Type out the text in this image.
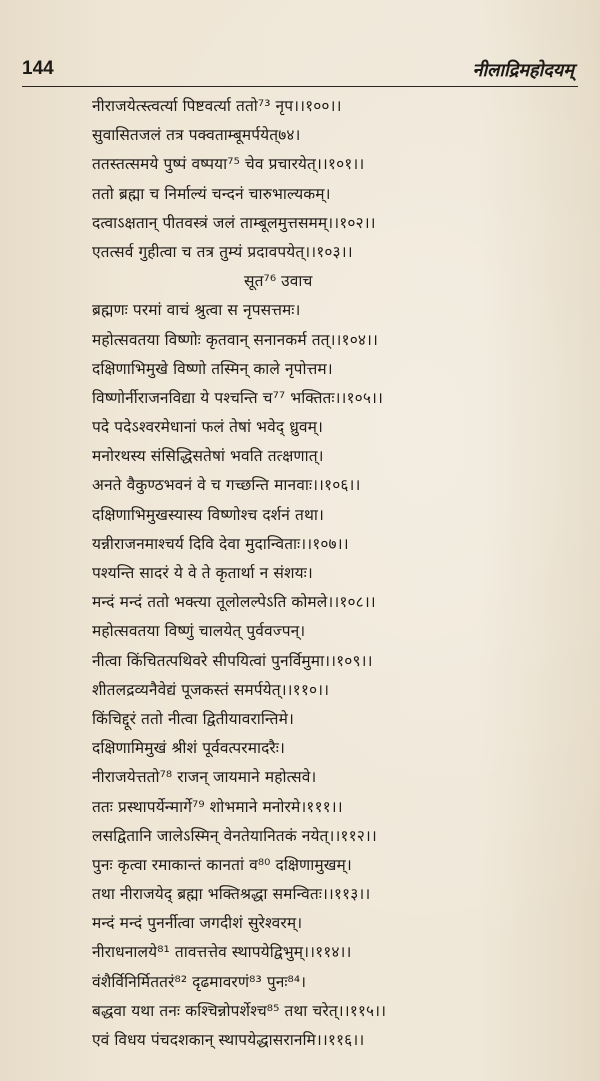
144	नीलाद्रिमहोदयम्
नीराजयेत्स्त्वर्त्या पिष्टवर्त्या ततो⁷³ नृप।।१००।।
सुवासितजलं तत्र पक्वताम्बूमर्पयेत्७४।
ततस्तत्समये पुष्पं वष्पया⁷⁵ चेव प्रचारयेत्।।१०१।।
ततो ब्रह्मा च निर्माल्यं चन्दनं चारुभाल्यकम्।
दत्वाऽक्षतान् पीतवस्त्रं जलं ताम्बूलमुत्तसमम्।।१०२।।
एतत्सर्व गुहीत्वा च तत्र तुम्यं प्रदावपयेत्।।१०३।।
सूत⁷⁶ उवाच
ब्रह्मणः परमां वाचं श्रुत्वा स नृपसत्तमः।
महोत्सवतया विष्णोः कृतवान् सनानकर्म तत्।।१०४।।
दक्षिणाभिमुखे विष्णो तस्मिन् काले नृपोत्तम।
विष्णोर्नीराजनविद्या ये पश्चन्ति च⁷⁷ भक्तितः।।१०५।।
पदे पदेऽश्वरमेधानां फलं तेषां भवेद् ध्रुवम्।
मनोरथस्य संसिद्धिसतेषां भवति तत्क्षणात्।
अनते वैकुण्ठभवनं वे च गच्छन्ति मानवाः।।१०६।।
दक्षिणाभिमुखस्यास्य विष्णोश्च दर्शनं तथा।
यन्नीराजनमाश्चर्य दिवि देवा मुदान्विताः।।१०७।।
पश्यन्ति सादरं ये वे ते कृतार्था न संशयः।
मन्दं मन्दं ततो भक्त्या तूलोलल्पेऽति कोमले।।१०८।।
महोत्सवतया विष्णुं चालयेत् पुर्ववज्पन्।
नीत्वा किंचितत्पथिवरे सीपयित्वां पुनर्विमुमा।।१०९।।
शीतलद्रव्यनैवेद्यं पूजकस्तं समर्पयेत्।।११०।।
किंचिद्दूरं ततो नीत्वा द्वितीयावरान्तिमे।
दक्षिणामिमुखं श्रीशं पूर्ववत्परमादरैः।
नीराजयेत्ततो⁷⁸ राजन् जायमाने महोत्सवे।
ततः प्रस्थापर्येन्मार्गे⁷⁹ शोभमाने मनोरमे।१११।।
लसद्वितानि जालेऽस्मिन् वेनतेयानितकं नयेत्।।११२।।
पुनः कृत्वा रमाकान्तं कानतां व⁸⁰ दक्षिणामुखम्।
तथा नीराजयेद् ब्रह्मा भक्तिश्रद्धा समन्वितः।।११३।।
मन्दं मन्दं पुनर्नीत्वा जगदीशं सुरेश्वरम्।
नीराधनालये⁸¹ तावत्तत्तेव स्थापयेद्विभुम्।।११४।।
वंशैर्विनिर्मिततरं⁸² दृढमावरणं⁸³ पुनः⁸⁴।
बद्धवा यथा तनः कश्चिन्नोपर्शेश्च⁸⁵ तथा चरेत्।।११५।।
एवं विधय पंचदशकान् स्थापयेद्धासरानमि।।११६।।
